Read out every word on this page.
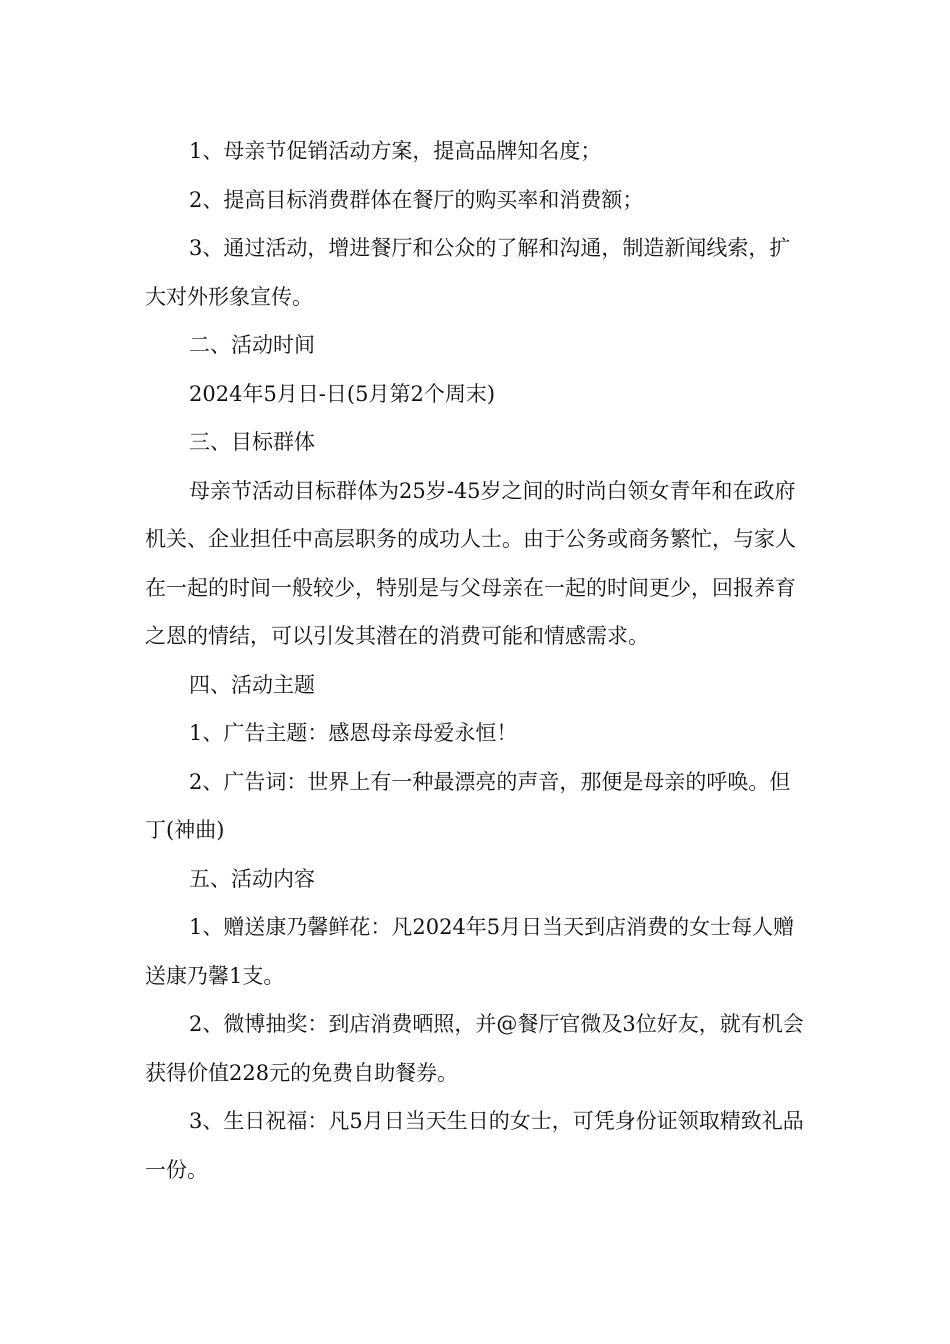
1、母亲节促销活动方案，提高品牌知名度；

2、提高目标消费群体在餐厅的购买率和消费额；

3、通过活动，增进餐厅和公众的了解和沟通，制造新闻线索，扩大对外形象宣传。

二、活动时间

2024年5月日-日(5月第2个周末)

三、目标群体

母亲节活动目标群体为25岁-45岁之间的时尚白领女青年和在政府机关、企业担任中高层职务的成功人士。由于公务或商务繁忙，与家人在一起的时间一般较少，特别是与父母亲在一起的时间更少，回报养育之恩的情结，可以引发其潜在的消费可能和情感需求。

四、活动主题

1、广告主题：感恩母亲母爱永恒！

2、广告词：世界上有一种最漂亮的声音，那便是母亲的呼唤。但丁(神曲)

五、活动内容

1、赠送康乃馨鲜花：凡2024年5月日当天到店消费的女士每人赠送康乃馨1支。

2、微博抽奖：到店消费晒照，并@餐厅官微及3位好友，就有机会获得价值228元的免费自助餐券。

3、生日祝福：凡5月日当天生日的女士，可凭身份证领取精致礼品一份。
